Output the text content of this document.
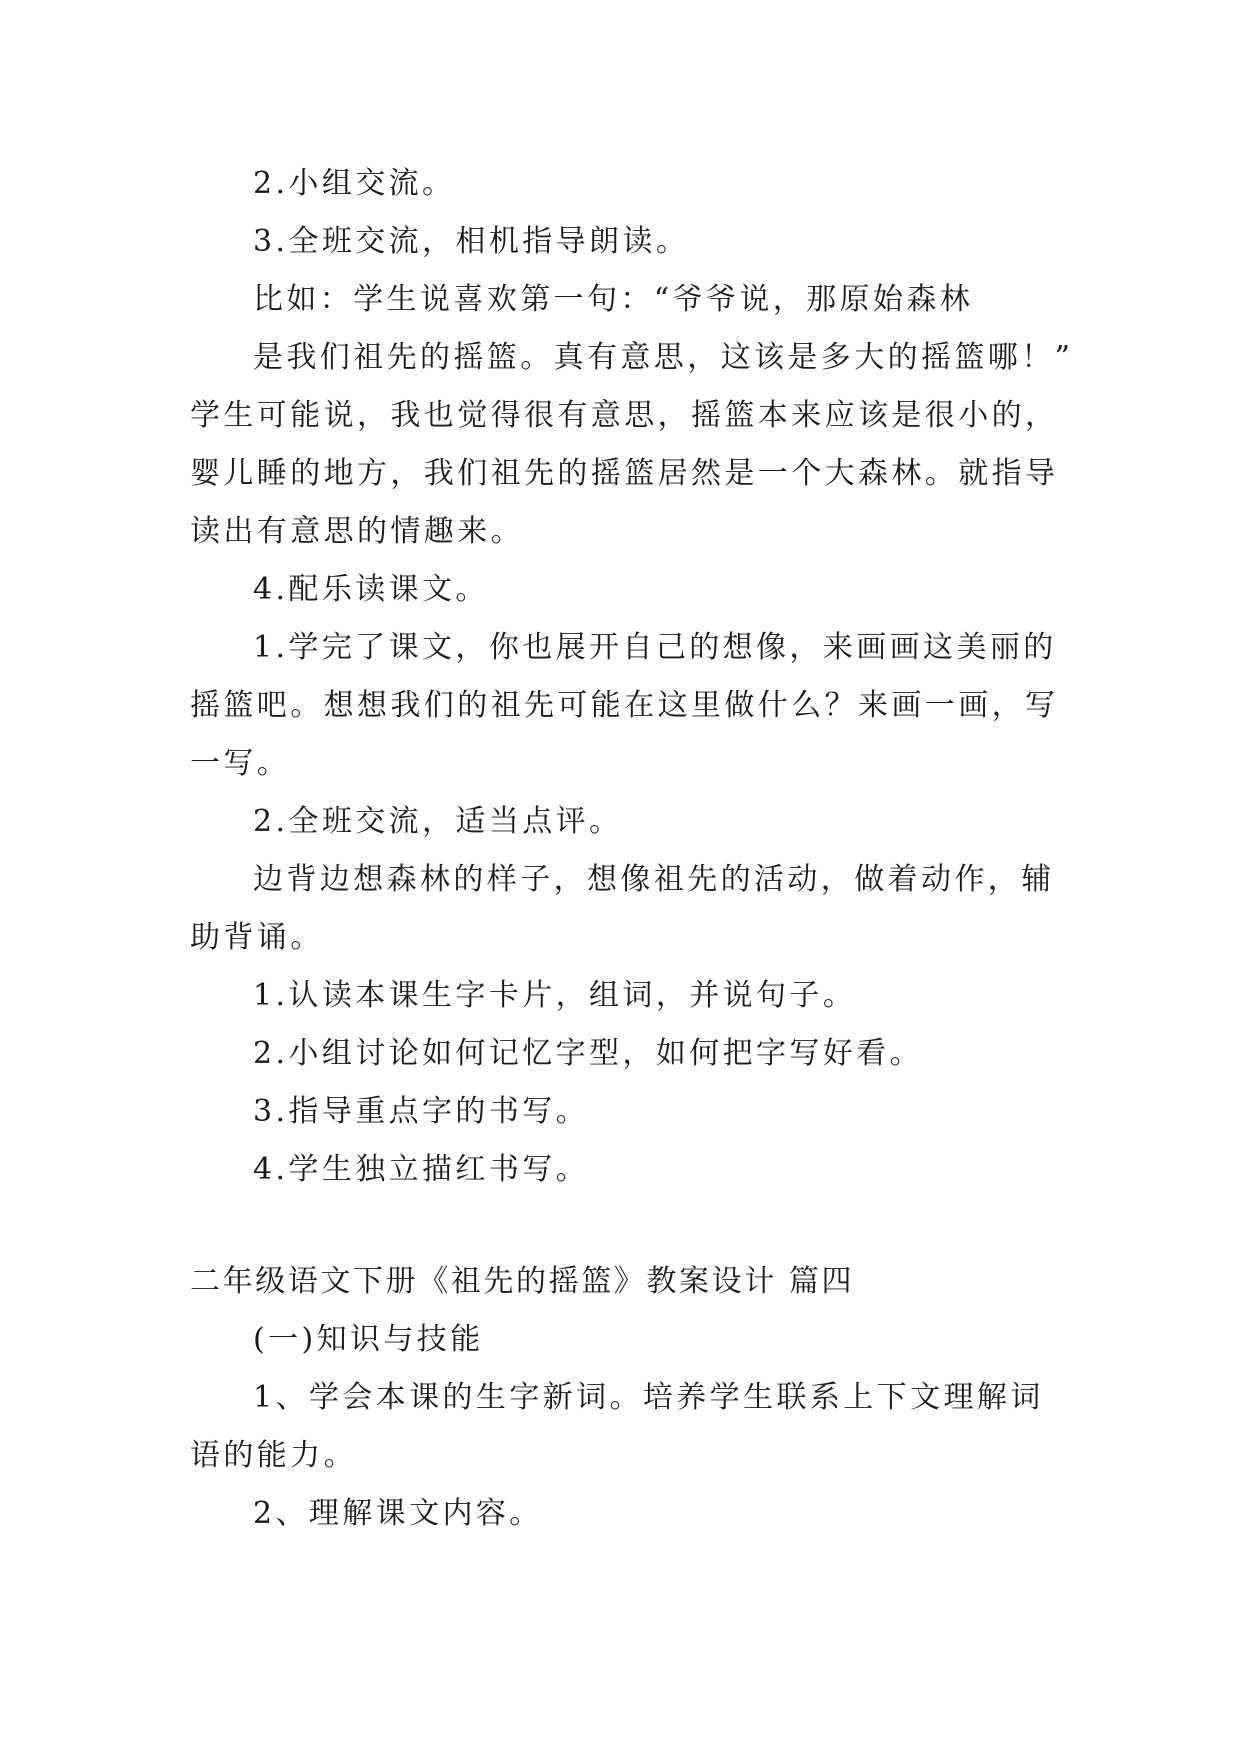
2.小组交流。
3.全班交流，相机指导朗读。
比如：学生说喜欢第一句：“爷爷说，那原始森林
是我们祖先的摇篮。真有意思，这该是多大的摇篮哪！”
学生可能说，我也觉得很有意思，摇篮本来应该是很小的，
婴儿睡的地方，我们祖先的摇篮居然是一个大森林。就指导
读出有意思的情趣来。
4.配乐读课文。
1.学完了课文，你也展开自己的想像，来画画这美丽的
摇篮吧。想想我们的祖先可能在这里做什么？来画一画，写
一写。
2.全班交流，适当点评。
边背边想森林的样子，想像祖先的活动，做着动作，辅
助背诵。
1.认读本课生字卡片，组词，并说句子。
2.小组讨论如何记忆字型，如何把字写好看。
3.指导重点字的书写。
4.学生独立描红书写。
二年级语文下册《祖先的摇篮》教案设计 篇四
(一)知识与技能
1、学会本课的生字新词。培养学生联系上下文理解词
语的能力。
2、理解课文内容。
